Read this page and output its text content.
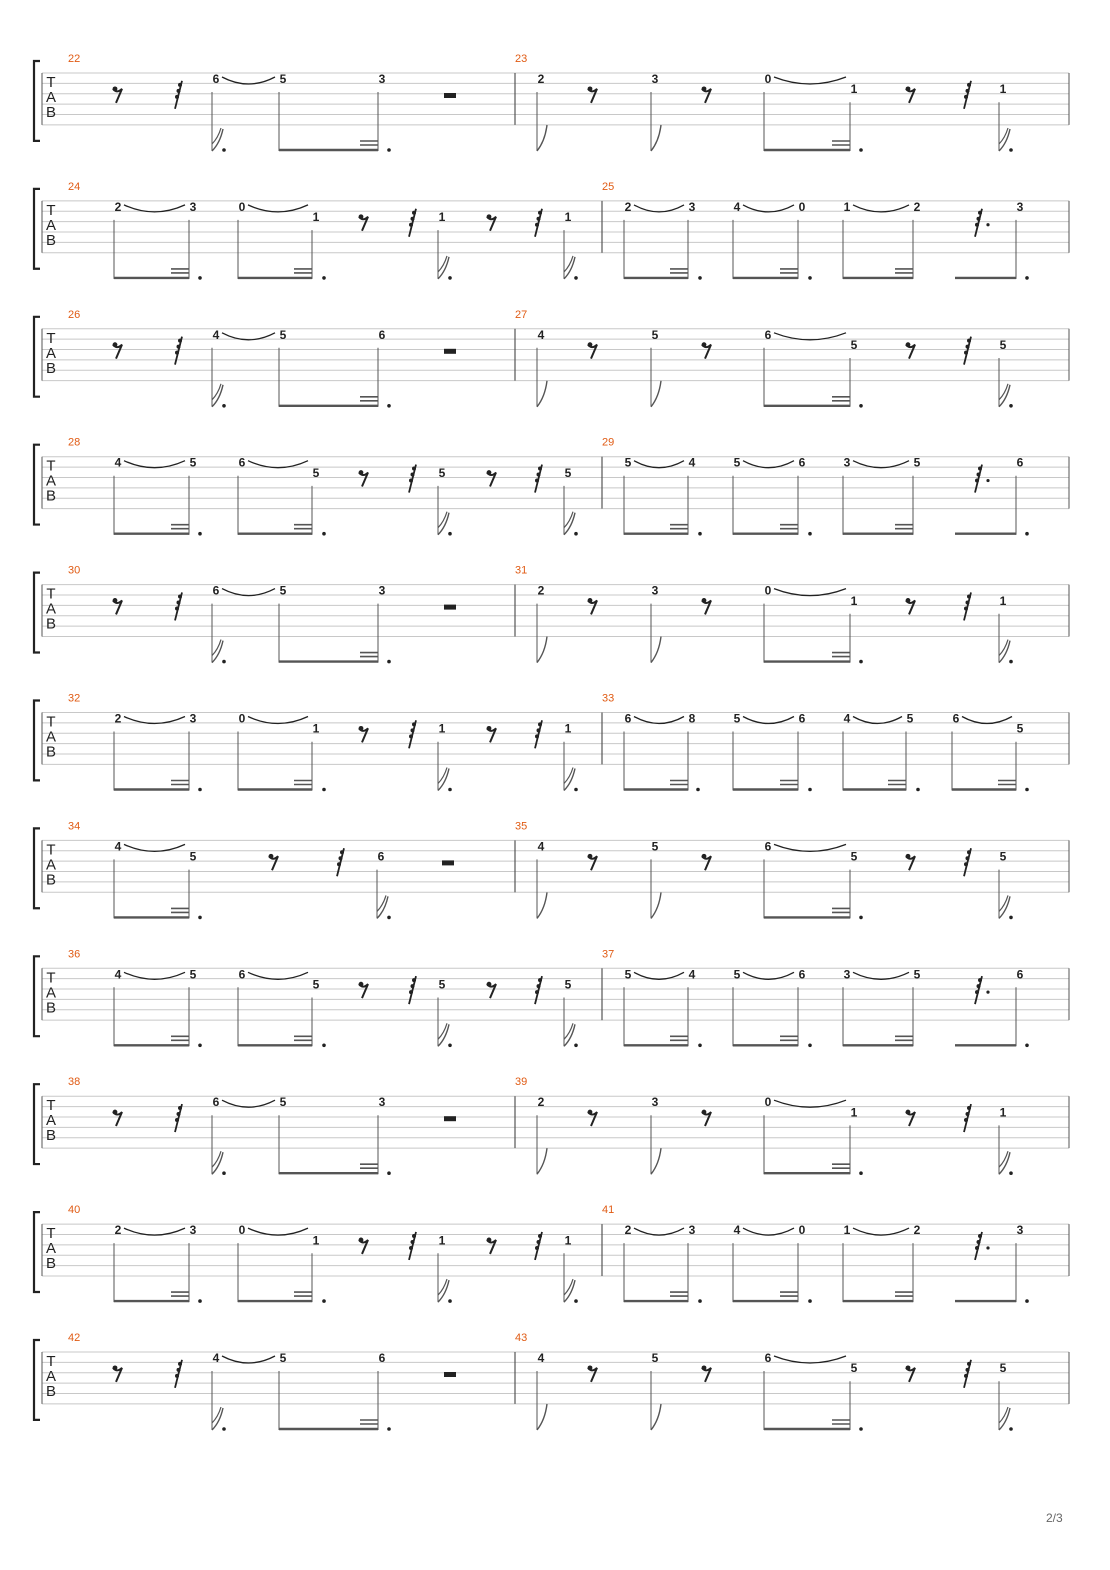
T
A
B
22
6	5	3
23
2	3	0
1	1
T
A
B
24
2	3	0
1	1	1
25
2	3	4	0	1	2	3
T
A
B
26
4	5	6
27
4	5	6
5	5
T
A
B
28
4	5	6
5	5	5
29
5	4	5	6	3	5	6
T
A
B
30
6	5	3
31
2	3	0
1	1
T
A
B
32
2	3	0
1	1	1
33
6	8	5	6	4	5	6
5
T
A
B
34
4
5	6
35
4	5	6
5	5
T
A
B
36
4	5	6
5	5	5
37
5	4	5	6	3	5	6
T
A
B
38
6	5	3
39
2	3	0
1	1
T
A
B
40
2	3	0
1	1	1
41
2	3	4	0	1	2	3
T
A
B
42
4	5	6
43
4	5	6
5	5
2/3
